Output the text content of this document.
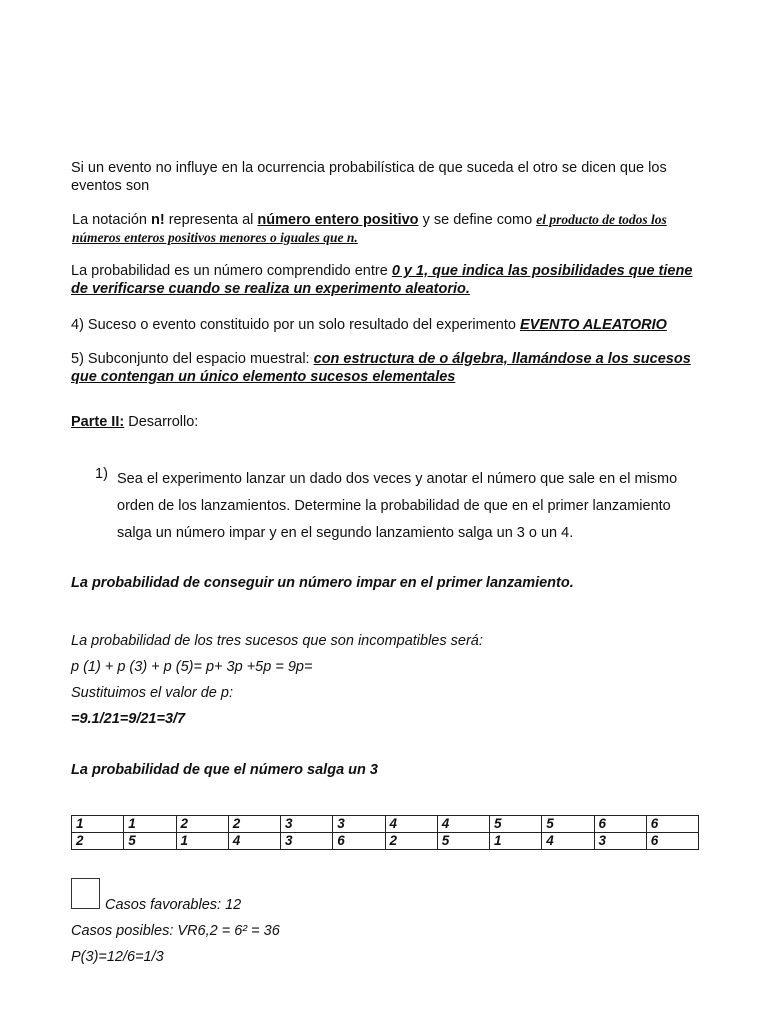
Si un evento no influye en la ocurrencia probabilística de que suceda el otro se dicen que los eventos son

La notación n! representa al número entero positivo y se define como el producto de todos los números enteros positivos menores o iguales que n.

La probabilidad es un número comprendido entre 0 y 1, que indica las posibilidades que tiene de verificarse cuando se realiza un experimento aleatorio.

4) Suceso o evento constituido por un solo resultado del experimento EVENTO ALEATORIO

5) Subconjunto del espacio muestral: con estructura de o álgebra, llamándose a los sucesos que contengan un único elemento sucesos elementales

Parte II: Desarrollo:

1) Sea el experimento lanzar un dado dos veces y anotar el número que sale en el mismo orden de los lanzamientos. Determine la probabilidad de que en el primer lanzamiento salga un número impar y en el segundo lanzamiento salga un 3 o un 4.

La probabilidad de conseguir un número impar en el primer lanzamiento.

La probabilidad de los tres sucesos que son incompatibles será:
p (1) + p (3) + p (5)= p+ 3p +5p = 9p=
Sustituimos el valor de p:
=9.1/21=9/21=3/7

La probabilidad de que el número salga un 3

1	1	2	2	3	3	4	4	5	5	6	6
2	5	1	4	3	6	2	5	1	4	3	6

Casos favorables: 12

Casos posibles: VR6,2 = 6² = 36

P(3)=12/6=1/3
